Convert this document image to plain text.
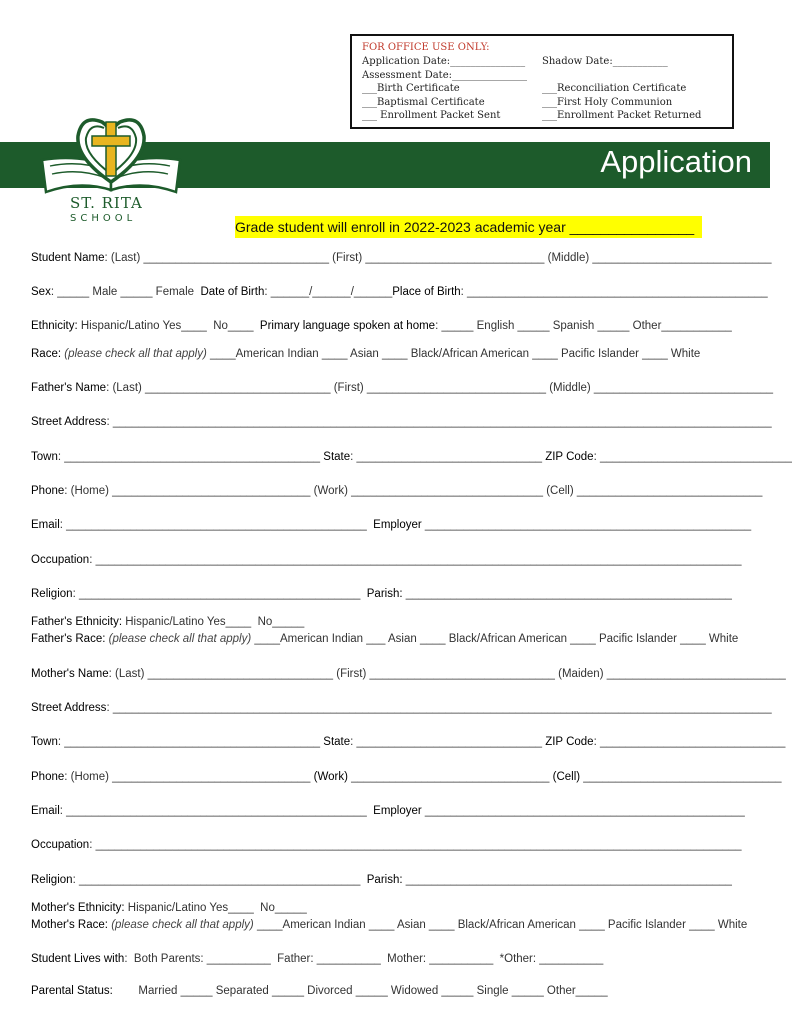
FOR OFFICE USE ONLY:
Application Date:_______________
Assessment Date:_______________
___Birth Certificate
___Baptismal Certificate
___ Enrollment Packet Sent
Shadow Date:___________
___Reconciliation Certificate
___First Holy Communion
___Enrollment Packet Returned
Application
ST. RITA
SCHOOL
Grade student will enroll in 2022-2023 academic year ________________
Student Name: (Last) _____________________________ (First) ____________________________ (Middle) ____________________________
Sex: _____ Male _____ Female  Date of Birth: ______/______/______Place of Birth: _______________________________________________
Ethnicity: Hispanic/Latino Yes____  No____  Primary language spoken at home: _____ English _____ Spanish _____ Other___________
Race: (please check all that apply) ____American Indian ____ Asian ____ Black/African American ____ Pacific Islander ____ White
Father's Name: (Last) _____________________________ (First) ____________________________ (Middle) ____________________________
Street Address: _______________________________________________________________________________________________________
Town: ________________________________________ State: _____________________________ ZIP Code: ______________________________
Phone: (Home) _______________________________ (Work) ______________________________ (Cell) _____________________________
Email: _______________________________________________  Employer ___________________________________________________
Occupation: _____________________________________________________________________________________________________
Religion: ____________________________________________  Parish: ___________________________________________________
Father's Ethnicity: Hispanic/Latino Yes____  No_____
Father's Race: (please check all that apply) ____American Indian ___ Asian ____ Black/African American ____ Pacific Islander ____ White
Mother's Name: (Last) _____________________________ (First) _____________________________ (Maiden) ____________________________
Street Address: _______________________________________________________________________________________________________
Town: ________________________________________ State: _____________________________ ZIP Code: _____________________________
Phone: (Home) _______________________________ (Work) _______________________________ (Cell) _______________________________
Email: _______________________________________________  Employer __________________________________________________
Occupation: _____________________________________________________________________________________________________
Religion: ____________________________________________  Parish: ___________________________________________________
Mother's Ethnicity: Hispanic/Latino Yes____  No_____
Mother's Race: (please check all that apply) ____American Indian ____ Asian ____ Black/African American ____ Pacific Islander ____ White
Student Lives with:  Both Parents: __________  Father: __________  Mother: __________  *Other: __________
Parental Status:        Married _____ Separated _____ Divorced _____ Widowed _____ Single _____ Other_____
